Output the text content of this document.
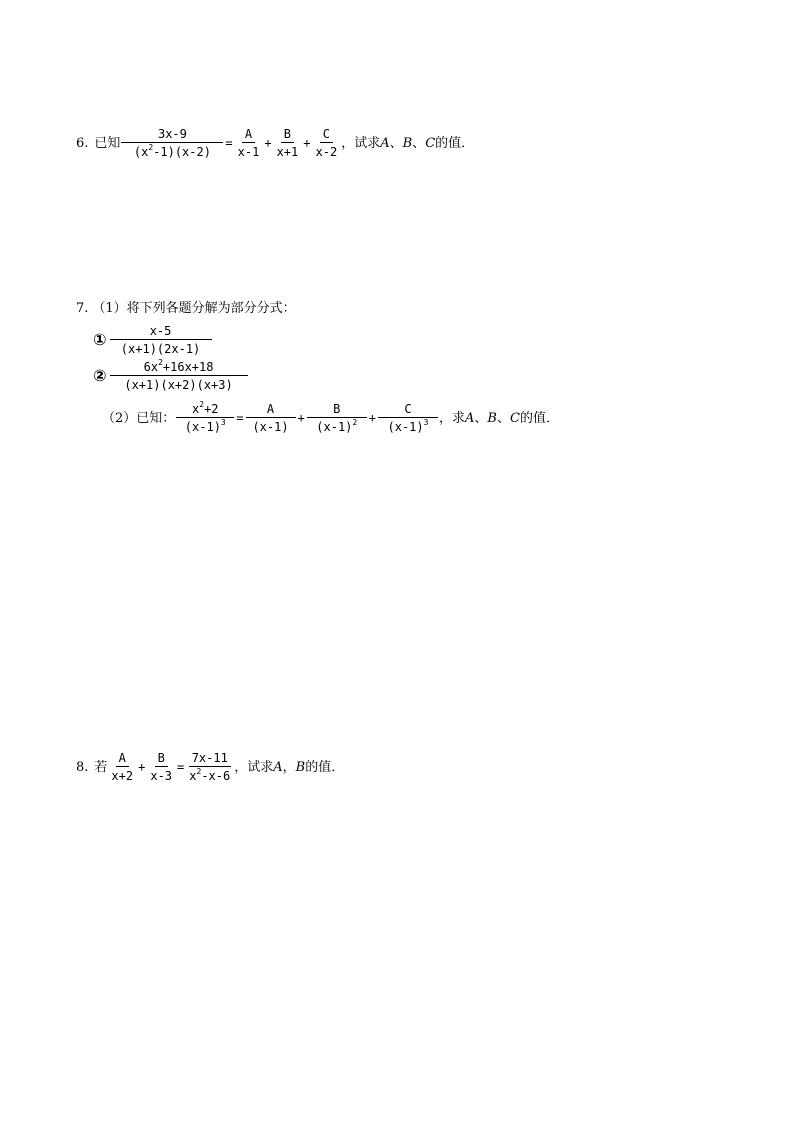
6. 已知 $\frac{3x-9}{(x^2-1)(x-2)} = \frac{A}{x-1} + \frac{B}{x+1} + \frac{C}{x-2}$ ，试求A、B、C的值．
7. （1）将下列各题分解为部分分式：
① $\frac{x-5}{(x+1)(2x-1)}$
② $\frac{6x^2+16x+18}{(x+1)(x+2)(x+3)}$
（2）已知： $\frac{x^2+2}{(x-1)^3} = \frac{A}{(x-1)} + \frac{B}{(x-1)^2} + \frac{C}{(x-1)^3}$ ，求A、B、C的值．
8. 若 $\frac{A}{x+2} + \frac{B}{x-3} = \frac{7x-11}{x^2-x-6}$ ，试求A，B的值．
